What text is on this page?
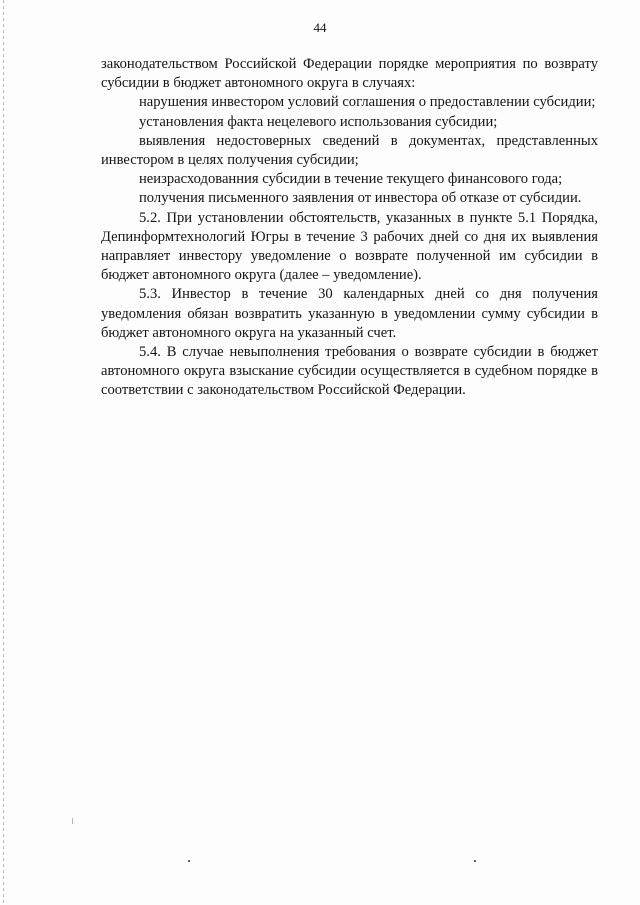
44

законодательством Российской Федерации порядке мероприятия по возврату субсидии в бюджет автономного округа в случаях:

нарушения инвестором условий соглашения о предоставлении субсидии;

установления факта нецелевого использования субсидии;

выявления недостоверных сведений в документах, представленных инвестором в целях получения субсидии;

неизрасходованния субсидии в течение текущего финансового года;

получения письменного заявления от инвестора об отказе от субсидии.

5.2. При установлении обстоятельств, указанных в пункте 5.1 Порядка, Депинформтехнологий Югры в течение 3 рабочих дней со дня их выявления направляет инвестору уведомление о возврате полученной им субсидии в бюджет автономного округа (далее – уведомление).

5.3. Инвестор в течение 30 календарных дней со дня получения уведомления обязан возвратить указанную в уведомлении сумму субсидии в бюджет автономного округа на указанный счет.

5.4. В случае невыполнения требования о возврате субсидии в бюджет автономного округа взыскание субсидии осуществляется в судебном порядке в соответствии с законодательством Российской Федерации.
